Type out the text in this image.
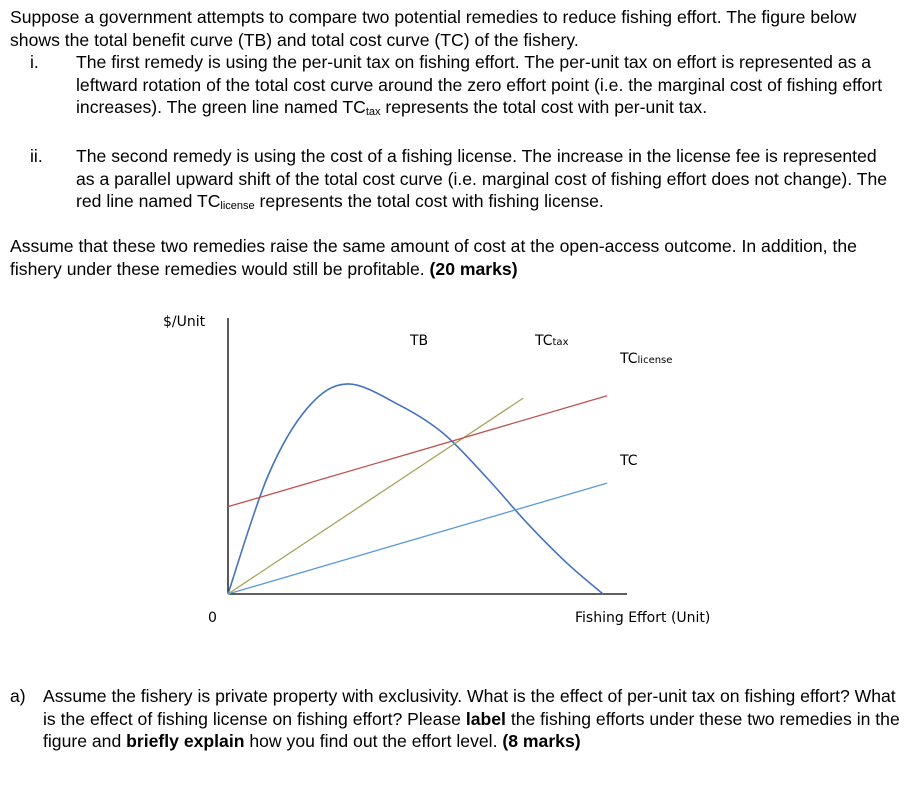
Suppose a government attempts to compare two potential remedies to reduce fishing effort. The figure below shows the total benefit curve (TB) and total cost curve (TC) of the fishery.

i. The first remedy is using the per-unit tax on fishing effort. The per-unit tax on effort is represented as a leftward rotation of the total cost curve around the zero effort point (i.e. the marginal cost of fishing effort increases). The green line named $TC_{tax}$ represents the total cost with per-unit tax.
ii. The second remedy is using the cost of a fishing license. The increase in the license fee is represented as a parallel upward shift of the total cost curve (i.e. marginal cost of fishing effort does not change). The red line named $TC_{license}$ represents the total cost with fishing license.

Assume that these two remedies raise the same amount of cost at the open-access outcome. In addition, the fishery under these remedies would still be profitable. (20 marks)

$/Unit
Fishing Effort (Unit)
0
TB
TC
TCtax
TClicense
a) Assume the fishery is private property with exclusivity. What is the effect of per-unit tax on fishing effort? What is the effect of fishing license on fishing effort? Please label the fishing efforts under these two remedies in the figure and briefly explain how you find out the effort level. (8 marks)
